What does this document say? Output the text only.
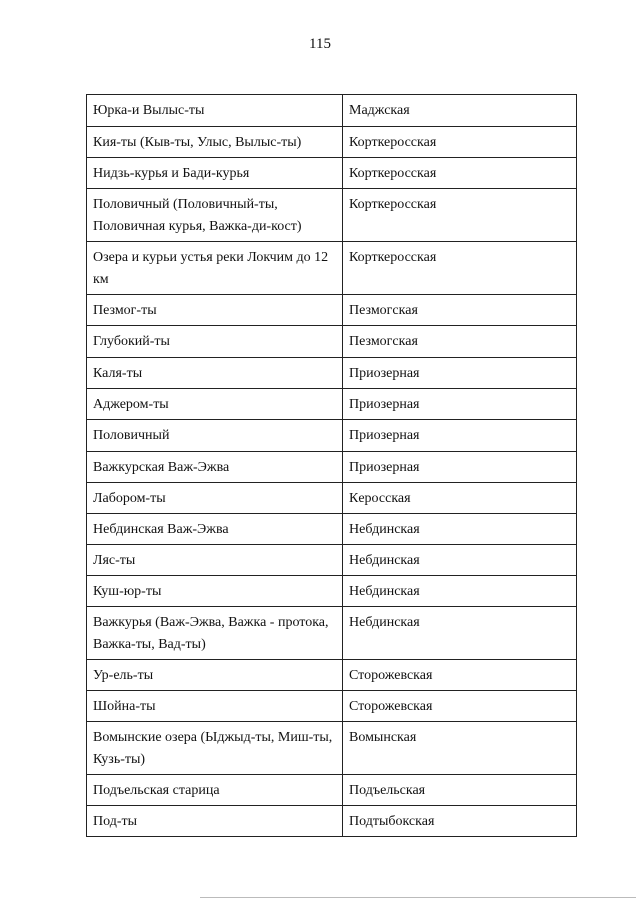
115
Юрка-и Вылыс-ты	Маджская
Кия-ты (Кыв-ты, Улыс, Вылыс-ты)	Корткеросская
Нидзь-курья и Бади-курья	Корткеросская
Половичный (Половичный-ты, Половичная курья, Важка-ди-кост)	Корткеросская
Озера и курьи устья реки Локчим до 12 км	Корткеросская
Пезмог-ты	Пезмогская
Глубокий-ты	Пезмогская
Каля-ты	Приозерная
Аджером-ты	Приозерная
Половичный	Приозерная
Важкурская Важ-Эжва	Приозерная
Лабором-ты	Кeросская
Небдинская Важ-Эжва	Небдинская
Ляс-ты	Небдинская
Куш-юр-ты	Небдинская
Важкурья (Важ-Эжва, Важка - протока, Важка-ты, Вад-ты)	Небдинская
Ур-ель-ты	Сторожевская
Шойна-ты	Сторожевская
Вомынские озера (Ыджыд-ты, Миш-ты, Кузь-ты)	Вомынская
Подъельская старица	Подъельская
Под-ты	Подтыбокская
